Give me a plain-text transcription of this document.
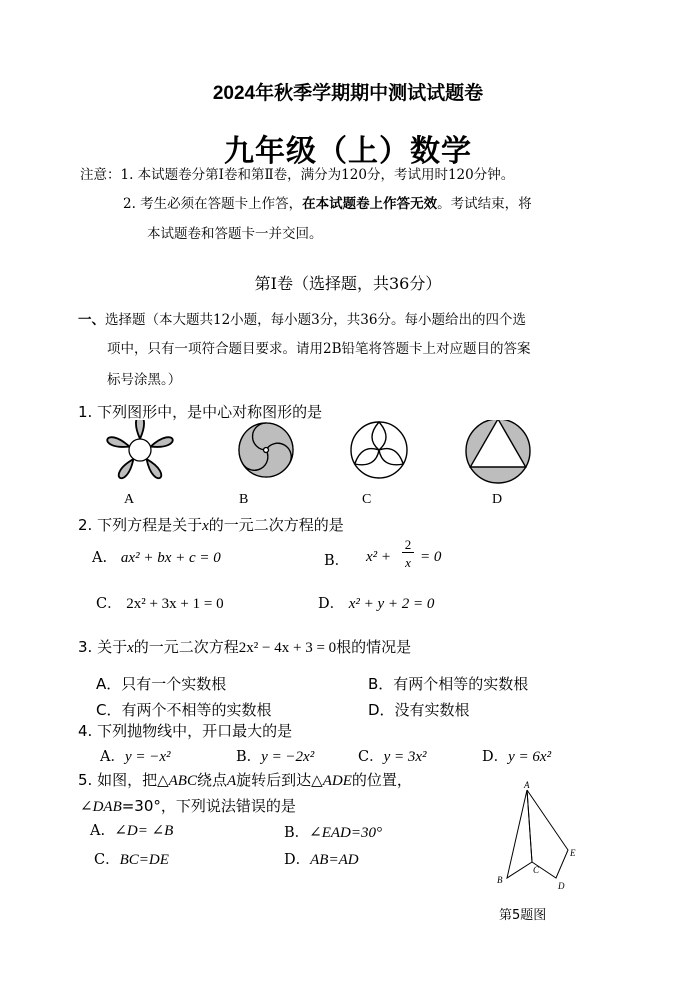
2024年秋季学期期中测试试题卷
九年级（上）数学
注意：1. 本试题卷分第Ⅰ卷和第Ⅱ卷，满分为120分，考试用时120分钟。
2. 考生必须在答题卡上作答，在本试题卷上作答无效。考试结束，将
本试题卷和答题卡一并交回。
第Ⅰ卷（选择题，共36分）
一、选择题（本大题共12小题，每小题3分，共36分。每小题给出的四个选
项中，只有一项符合题目要求。请用2B铅笔将答题卡上对应题目的答案
标号涂黑。）
1. 下列图形中，是中心对称图形的是
A	B	C	D
2. 下列方程是关于x的一元二次方程的是
A. ax² + bx + c = 0	B． x² +
2
x = 0
C． 2x² + 3x + 1 = 0	D． x² + y + 2 = 0
3. 关于x的一元二次方程2x² − 4x + 3 = 0根的情况是
A．只有一个实数根	B．有两个相等的实数根
C．有两个不相等的实数根	D．没有实数根
4. 下列抛物线中，开口最大的是
A．y = −x²	B．y = −2x²	C．y = 3x²	D．y = 6x²
5. 如图，把△ABC绕点A旋转后到达△ADE的位置，
∠DAB=30°，下列说法错误的是
A. ∠D= ∠B	B．∠EAD=30°
C．BC=DE	D．AB=AD
A
B
C
E
D
第5题图
